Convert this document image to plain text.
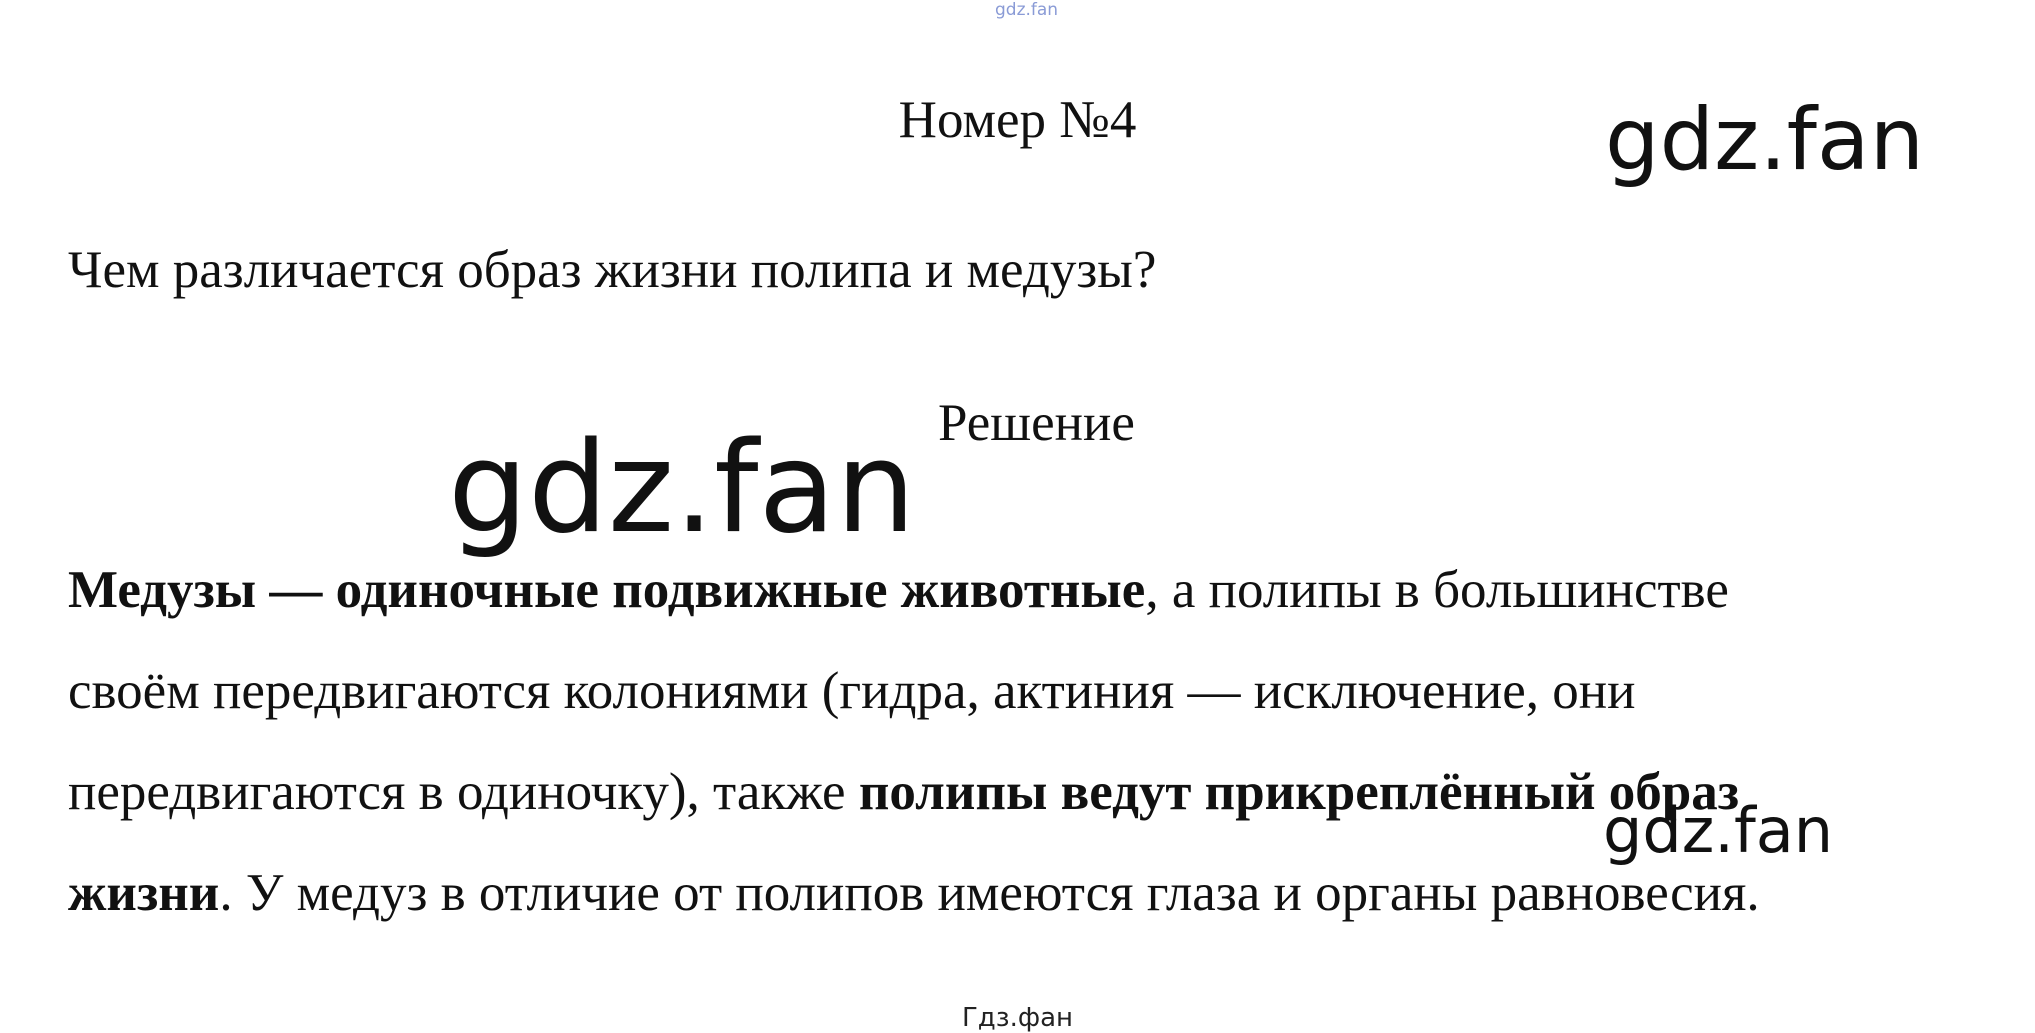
gdz.fan
Номер №4	gdz.fan
Чем различается образ жизни полипа и медузы?
Решение
gdz.fan
Медузы — одиночные подвижные животные, а полипы в большинстве
своём передвигаются колониями (гидра, актиния — исключение, они
передвигаются в одиночку), также полипы ведут прикреплённый образ
жизни. У медуз в отличие от полипов имеются глаза и органы равновесия.
gdz.fan
Гдз.фан
